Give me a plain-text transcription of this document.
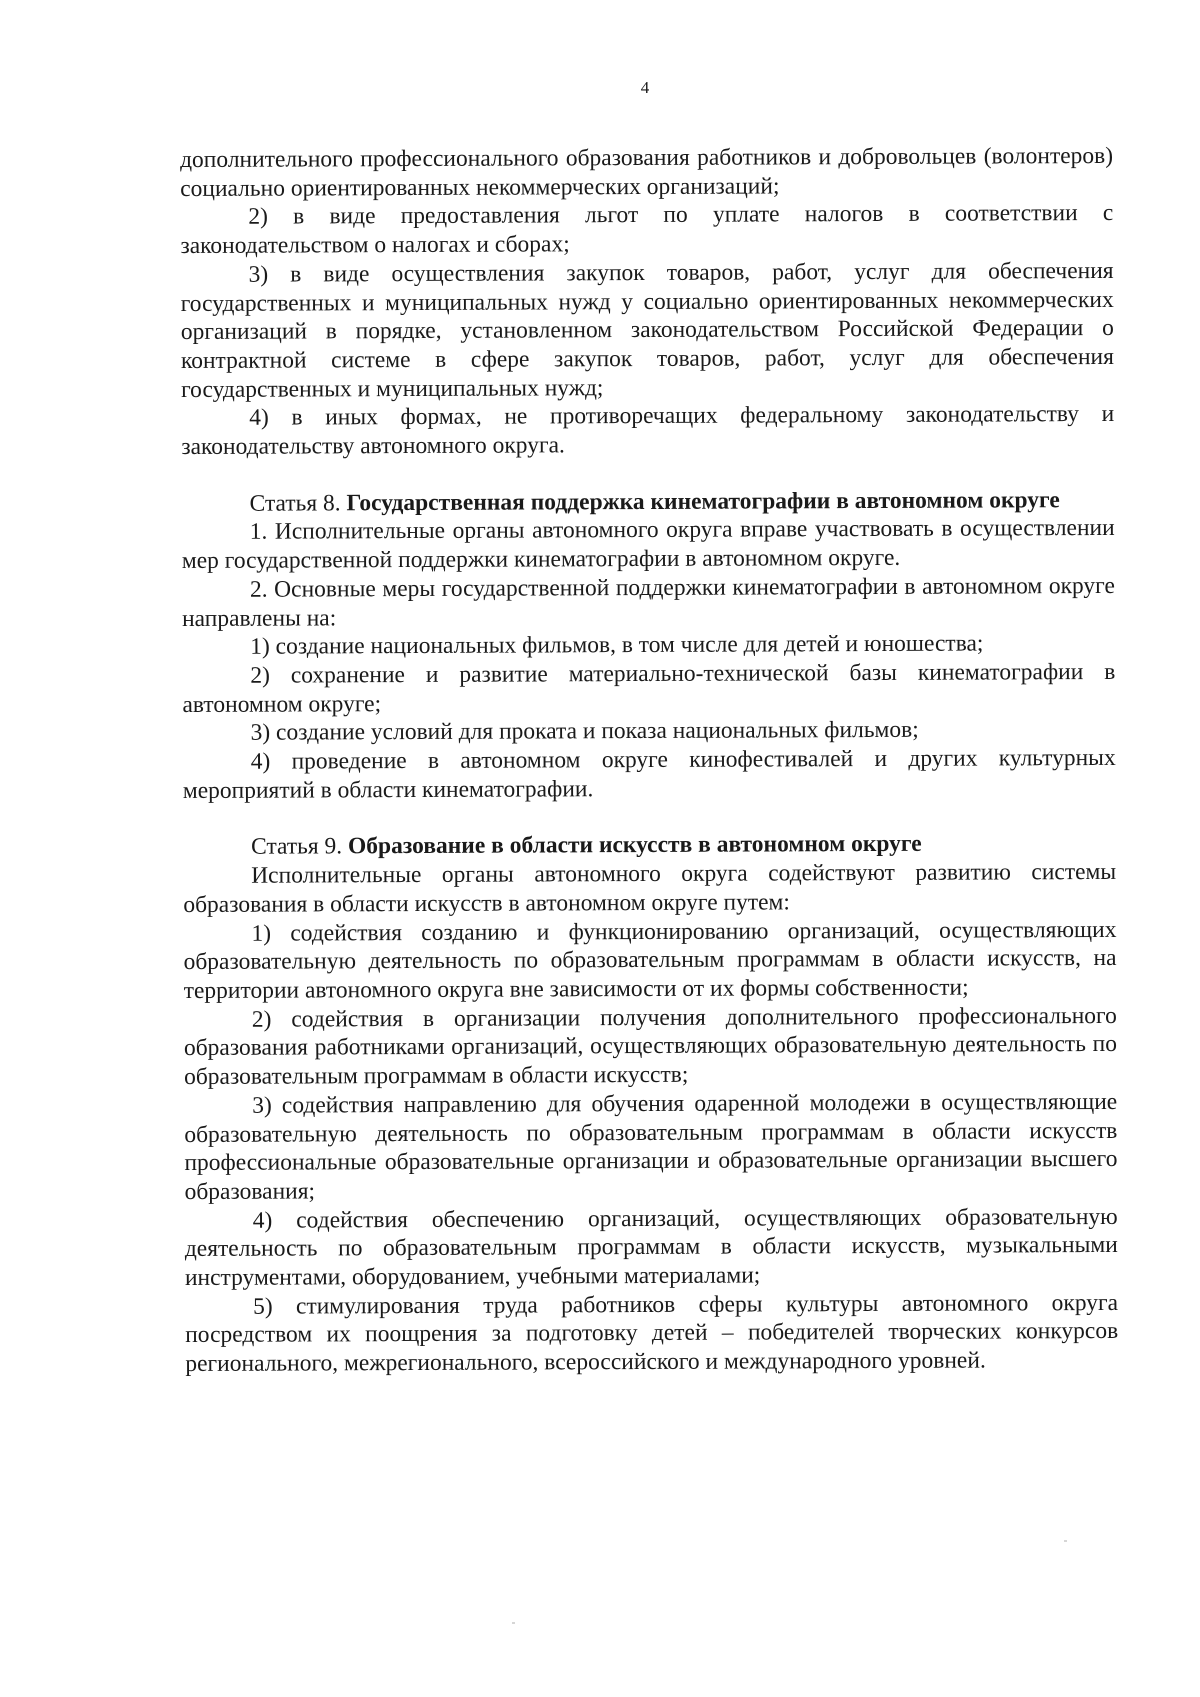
4

дополнительного профессионального образования работников и добровольцев (волонтеров) социально ориентированных некоммерческих организаций;

2) в виде предоставления льгот по уплате налогов в соответствии с законодательством о налогах и сборах;

3) в виде осуществления закупок товаров, работ, услуг для обеспечения государственных и муниципальных нужд у социально ориентированных некоммерческих организаций в порядке, установленном законодательством Российской Федерации о контрактной системе в сфере закупок товаров, работ, услуг для обеспечения государственных и муниципальных нужд;

4) в иных формах, не противоречащих федеральному законодательству и законодательству автономного округа.

Статья 8. Государственная поддержка кинематографии в автономном округе

1. Исполнительные органы автономного округа вправе участвовать в осуществлении мер государственной поддержки кинематографии в автономном округе.

2. Основные меры государственной поддержки кинематографии в автономном округе направлены на:

1) создание национальных фильмов, в том числе для детей и юношества;

2) сохранение и развитие материально-технической базы кинематографии в автономном округе;

3) создание условий для проката и показа национальных фильмов;

4) проведение в автономном округе кинофестивалей и других культурных мероприятий в области кинематографии.

Статья 9. Образование в области искусств в автономном округе

Исполнительные органы автономного округа содействуют развитию системы образования в области искусств в автономном округе путем:

1) содействия созданию и функционированию организаций, осуществляющих образовательную деятельность по образовательным программам в области искусств, на территории автономного округа вне зависимости от их формы собственности;

2) содействия в организации получения дополнительного профессионального образования работниками организаций, осуществляющих образовательную деятельность по образовательным программам в области искусств;

3) содействия направлению для обучения одаренной молодежи в осуществляющие образовательную деятельность по образовательным программам в области искусств профессиональные образовательные организации и образовательные организации высшего образования;

4) содействия обеспечению организаций, осуществляющих образовательную деятельность по образовательным программам в области искусств, музыкальными инструментами, оборудованием, учебными материалами;

5) стимулирования труда работников сферы культуры автономного округа посредством их поощрения за подготовку детей – победителей творческих конкурсов регионального, межрегионального, всероссийского и международного уровней.
